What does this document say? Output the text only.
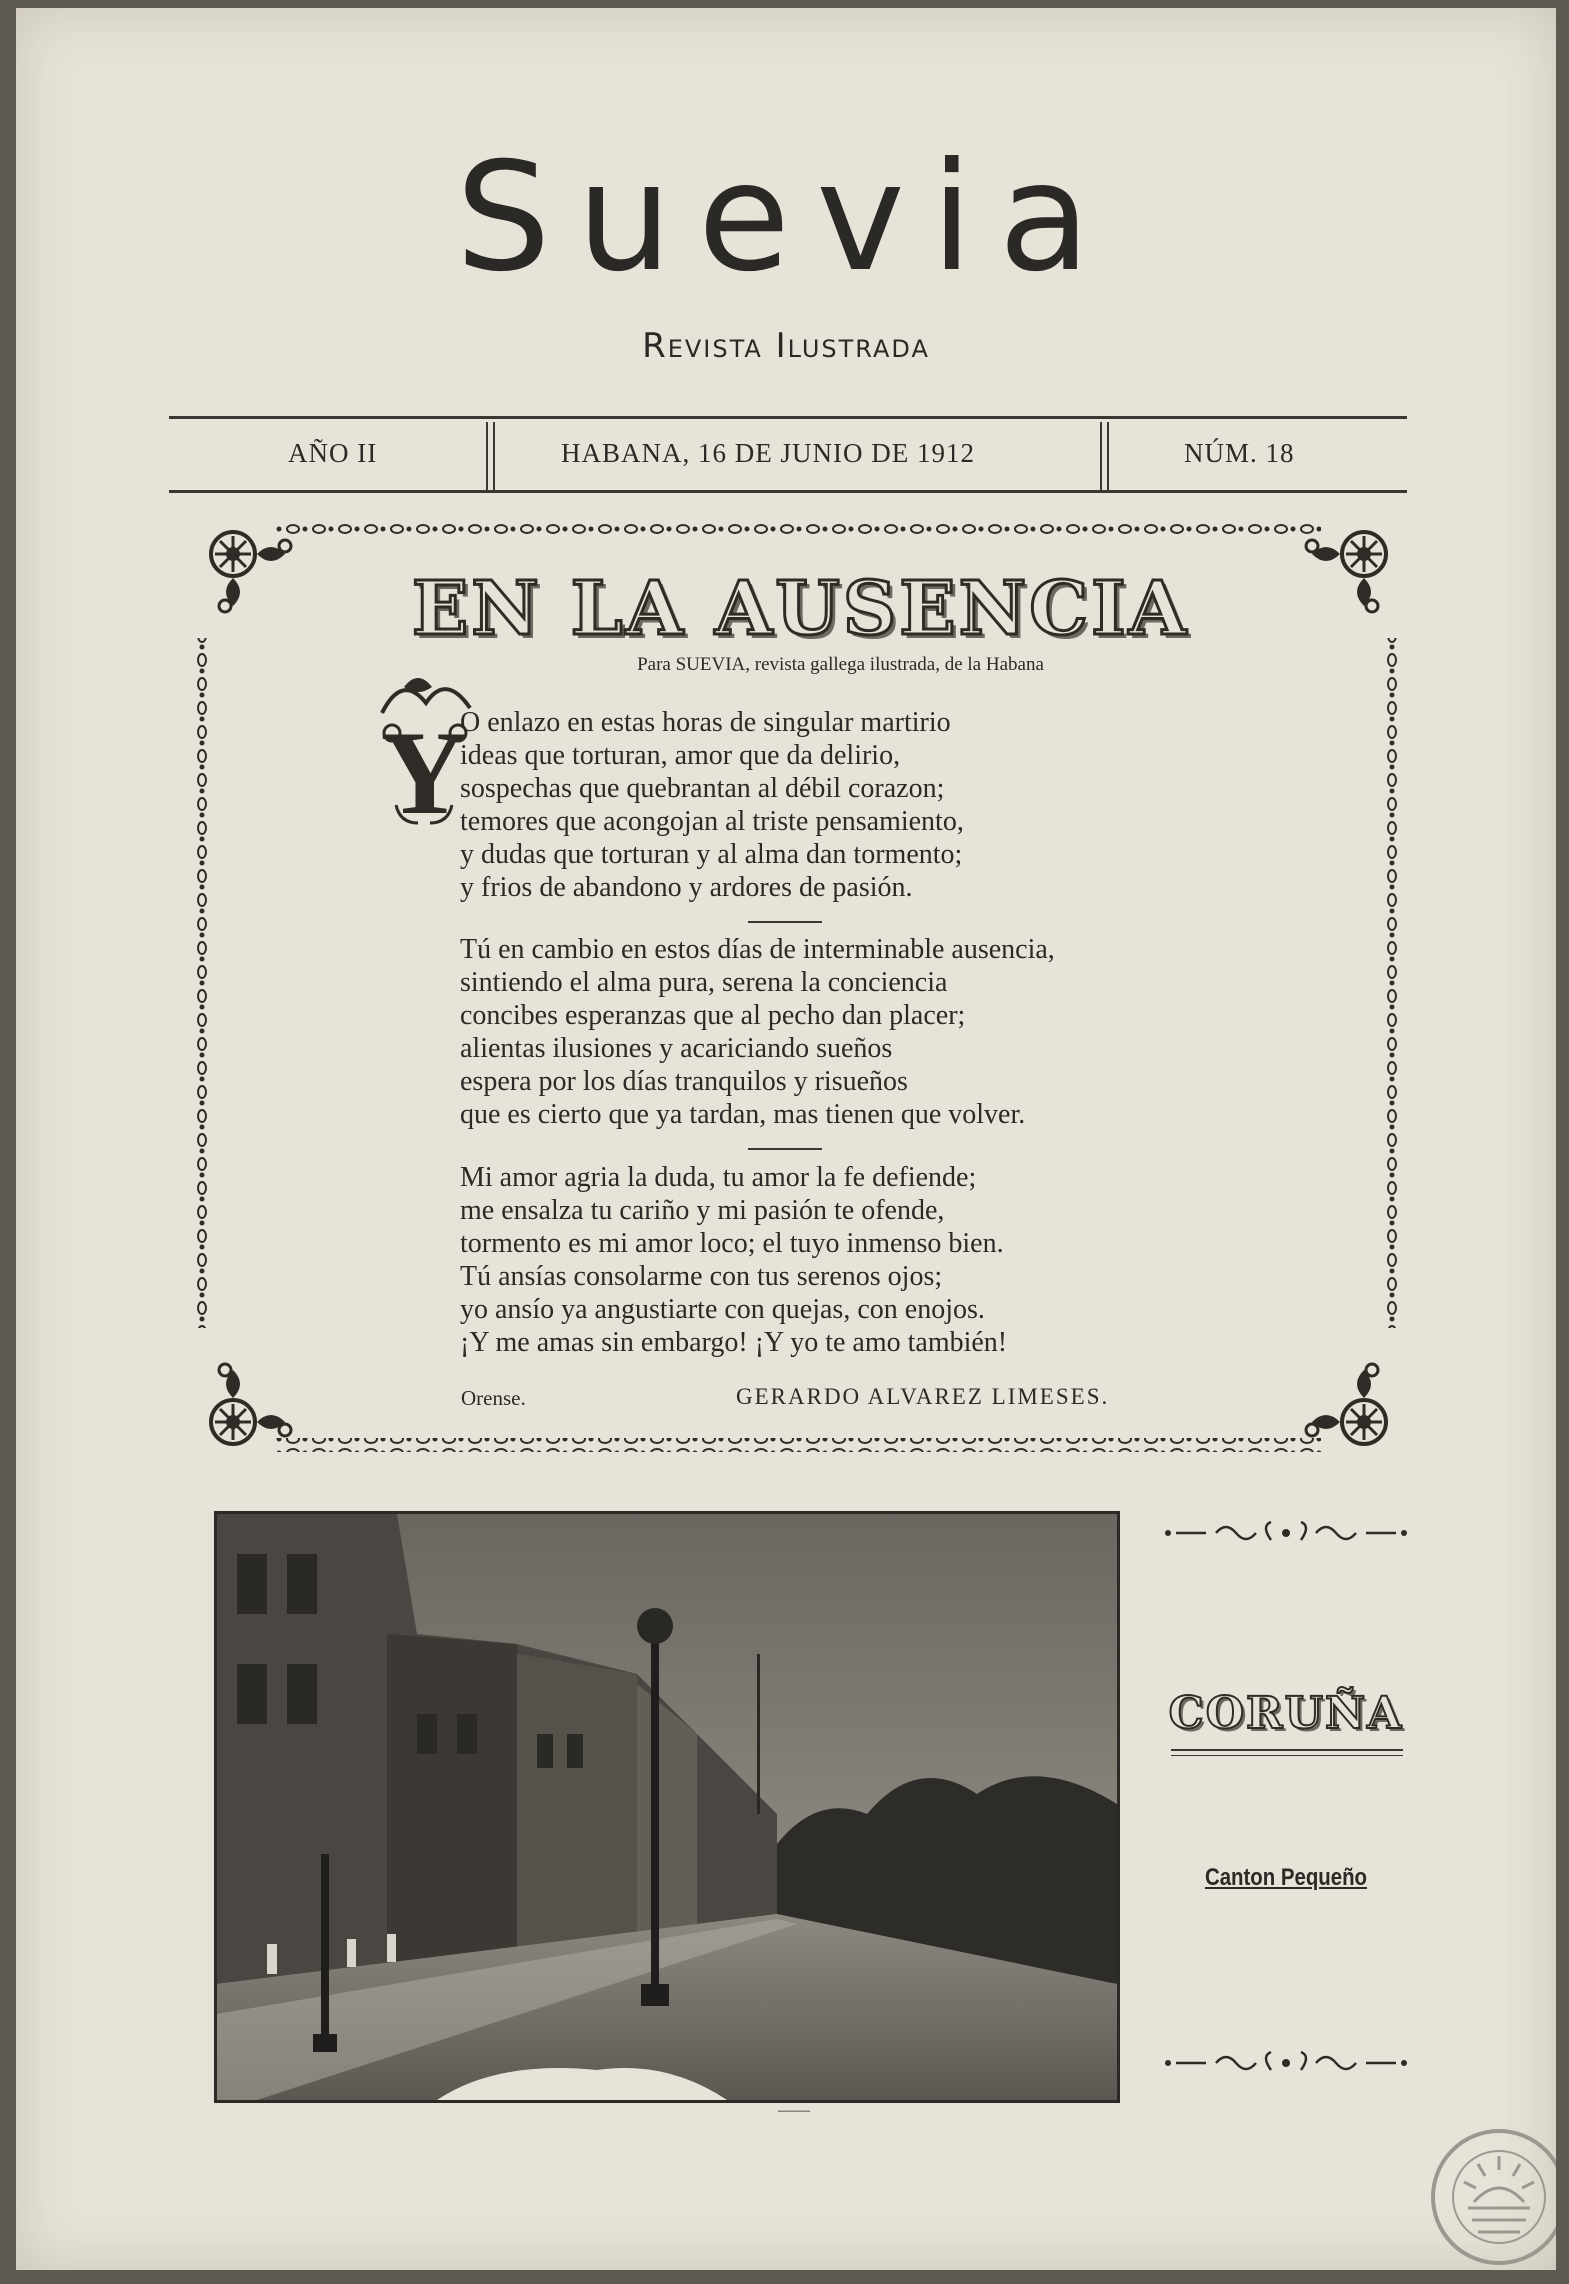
Suevia
Revista Ilustrada
AÑO II	HABANA, 16 DE JUNIO DE 1912	NÚM. 18
EN LA AUSENCIA
Para SUEVIA, revista gallega ilustrada, de la Habana
Y
O enlazo en estas horas de singular martirio
ideas que torturan, amor que da delirio,
sospechas que quebrantan al débil corazon;
temores que acongojan al triste pensamiento,
y dudas que torturan y al alma dan tormento;
y frios de abandono y ardores de pasión.
Tú en cambio en estos días de interminable ausencia,
sintiendo el alma pura, serena la conciencia
concibes esperanzas que al pecho dan placer;
alientas ilusiones y acariciando sueños
espera por los días tranquilos y risueños
que es cierto que ya tardan, mas tienen que volver.
Mi amor agria la duda, tu amor la fe defiende;
me ensalza tu cariño y mi pasión te ofende,
tormento es mi amor loco; el tuyo inmenso bien.
Tú ansías consolarme con tus serenos ojos;
yo ansío ya angustiarte con quejas, con enojos.
¡Y me amas sin embargo! ¡Y yo te amo también!
Orense.	GERARDO ALVAREZ LIMESES.
CORUÑA
Canton Pequeño
——
